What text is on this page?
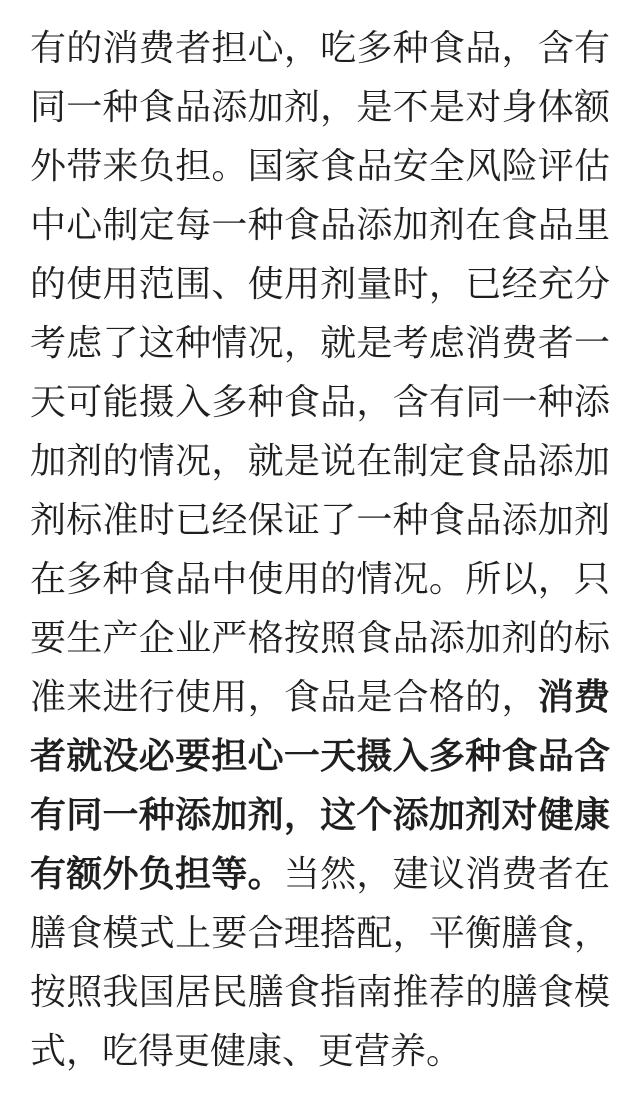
有的消费者担心，吃多种食品，含有同一种食品添加剂，是不是对身体额外带来负担。国家食品安全风险评估中心制定每一种食品添加剂在食品里的使用范围、使用剂量时，已经充分考虑了这种情况，就是考虑消费者一天可能摄入多种食品，含有同一种添加剂的情况，就是说在制定食品添加剂标准时已经保证了一种食品添加剂在多种食品中使用的情况。所以，只要生产企业严格按照食品添加剂的标准来进行使用，食品是合格的，消费者就没必要担心一天摄入多种食品含有同一种添加剂，这个添加剂对健康有额外负担等。当然，建议消费者在膳食模式上要合理搭配，平衡膳食，按照我国居民膳食指南推荐的膳食模式，吃得更健康、更营养。
